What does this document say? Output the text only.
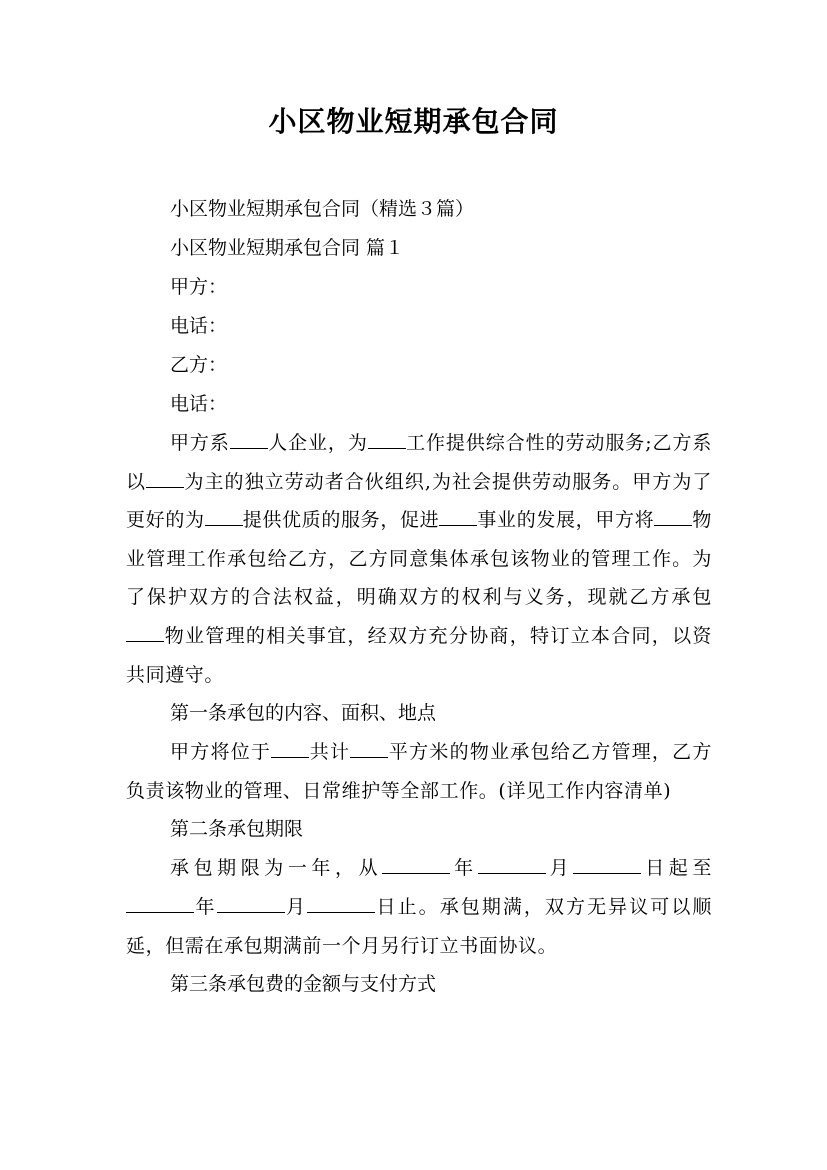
小区物业短期承包合同
小区物业短期承包合同（精选３篇）
小区物业短期承包合同 篇１
甲方：
电话：
乙方：
电话：
甲方系 人企业，为 工作提供综合性的劳动服务;乙方系以 为主的独立劳动者合伙组织,为社会提供劳动服务。甲方为了更好的为 提供优质的服务，促进 事业的发展，甲方将 物业管理工作承包给乙方，乙方同意集体承包该物业的管理工作。为了保护双方的合法权益，明确双方的权利与义务，现就乙方承包物业管理的相关事宜，经双方充分协商，特订立本合同，以资共同遵守。
第一条承包的内容、面积、地点
甲方将位于 共计 平方米的物业承包给乙方管理，乙方负责该物业的管理、日常维护等全部工作。(详见工作内容清单)
第二条承包期限
承包期限为一年，从	年	月	日起至年	月	日止。承包期满，双方无异议可以顺延，但需在承包期满前一个月另行订立书面协议。
第三条承包费的金额与支付方式
